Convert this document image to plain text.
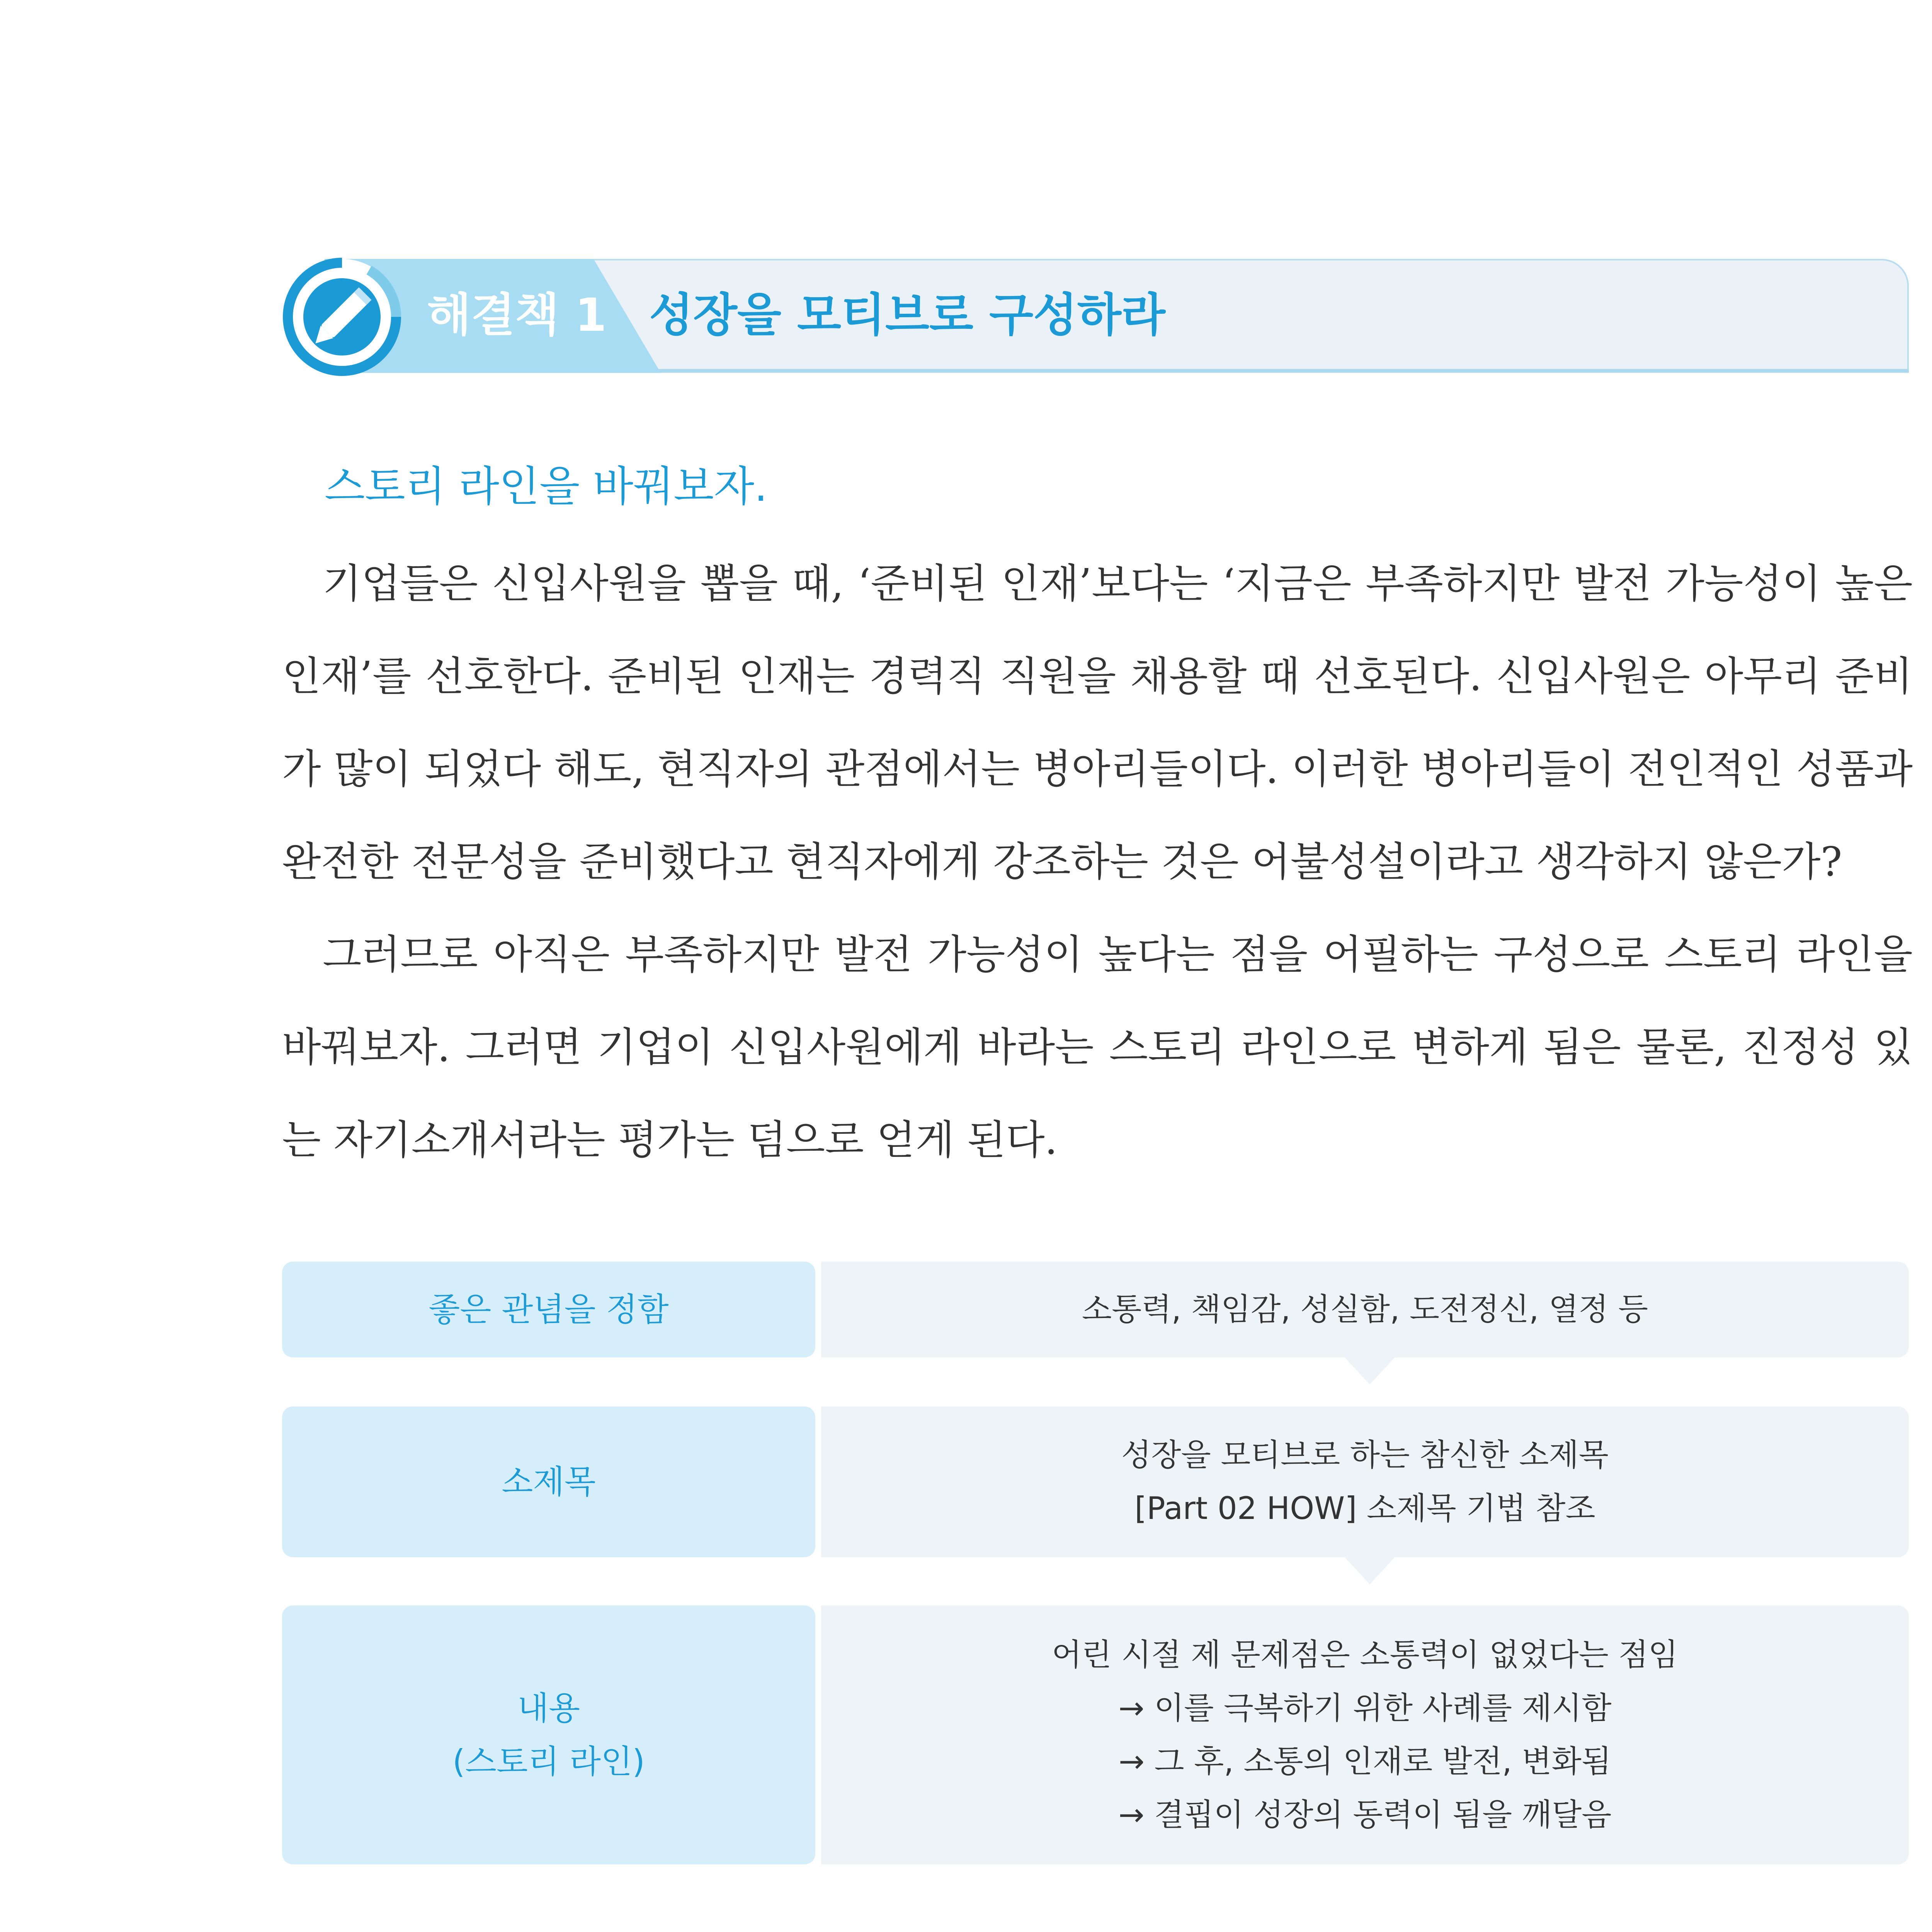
해결책 1 성장을 모티브로 구성하라
스토리 라인을 바꿔보자.

기업들은 신입사원을 뽑을 때, ‘준비된 인재’보다는 ‘지금은 부족하지만 발전 가능성이 높은 인재’를 선호한다. 준비된 인재는 경력직 직원을 채용할 때 선호된다. 신입사원은 아무리 준비가 많이 되었다 해도, 현직자의 관점에서는 병아리들이다. 이러한 병아리들이 전인적인 성품과 완전한 전문성을 준비했다고 현직자에게 강조하는 것은 어불성설이라고 생각하지 않은가?

그러므로 아직은 부족하지만 발전 가능성이 높다는 점을 어필하는 구성으로 스토리 라인을 바꿔보자. 그러면 기업이 신입사원에게 바라는 스토리 라인으로 변하게 됨은 물론, 진정성 있는 자기소개서라는 평가는 덤으로 얻게 된다.

좋은 관념을 정함	소통력, 책임감, 성실함, 도전정신, 열정 등
소제목
성장을 모티브로 하는 참신한 소제목
[Part 02 HOW] 소제목 기법 참조
내용
(스토리 라인)
어린 시절 제 문제점은 소통력이 없었다는 점임
→ 이를 극복하기 위한 사례를 제시함
→ 그 후, 소통의 인재로 발전, 변화됨
→ 결핍이 성장의 동력이 됨을 깨달음
